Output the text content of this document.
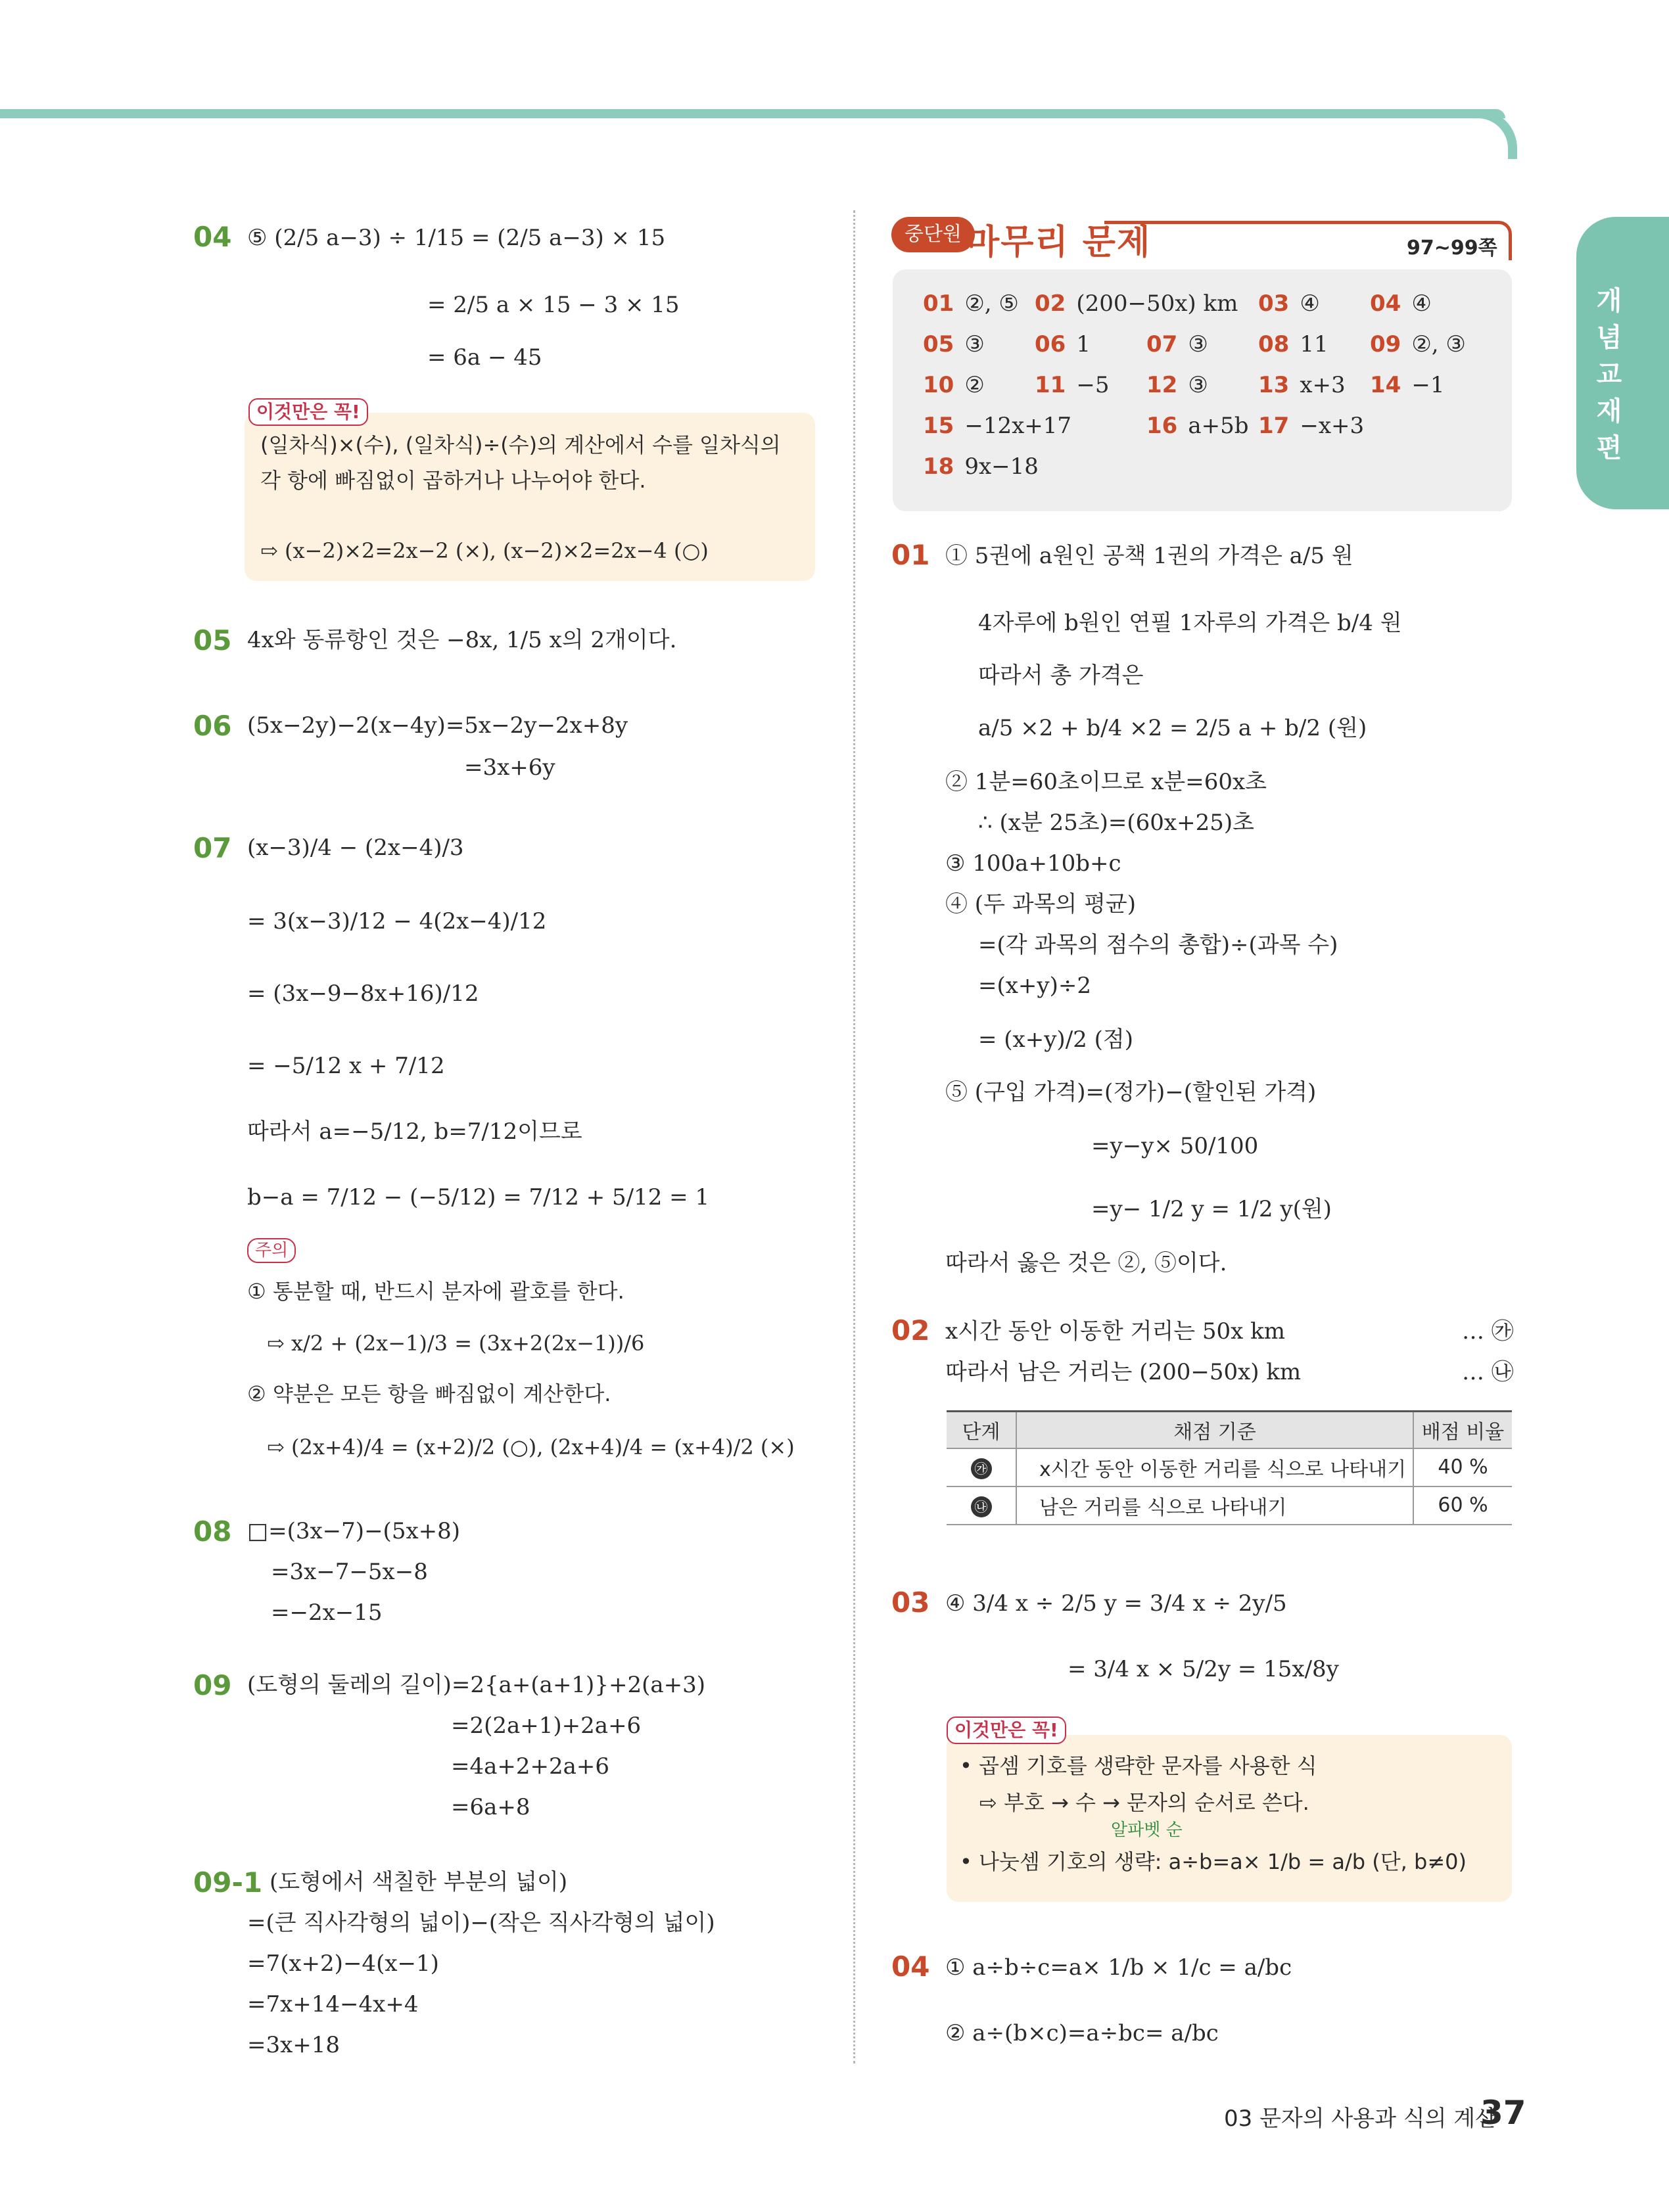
개념교재편
04 ⑤ (2/5 a−3) ÷ 1/15 = (2/5 a−3) × 15
= 2/5 a × 15 − 3 × 15
= 6a − 45
이것만은 꼭!
(일차식)×(수), (일차식)÷(수)의 계산에서 수를 일차식의
각 항에 빠짐없이 곱하거나 나누어야 한다.
⇨ (x−2)×2=2x−2 (×), (x−2)×2=2x−4 (○)
05 4x와 동류항인 것은 −8x, 1/5 x의 2개이다.
06 (5x−2y)−2(x−4y)=5x−2y−2x+8y
=3x+6y
07 (x−3)/4 − (2x−4)/3
= 3(x−3)/12 − 4(2x−4)/12
= (3x−9−8x+16)/12
= −5/12 x + 7/12
따라서 a=−5/12, b=7/12이므로
b−a = 7/12 − (−5/12) = 7/12 + 5/12 = 1
주의
① 통분할 때, 반드시 분자에 괄호를 한다.
⇨ x/2 + (2x−1)/3 = (3x+2(2x−1))/6
② 약분은 모든 항을 빠짐없이 계산한다.
⇨ (2x+4)/4 = (x+2)/2 (○), (2x+4)/4 = (x+4)/2 (×)
08 □=(3x−7)−(5x+8)
=3x−7−5x−8
=−2x−15
09 (도형의 둘레의 길이)=2{a+(a+1)}+2(a+3)
=2(2a+1)+2a+6
=4a+2+2a+6
=6a+8
09-1 (도형에서 색칠한 부분의 넓이)
=(큰 직사각형의 넓이)−(작은 직사각형의 넓이)
=7(x+2)−4(x−1)
=7x+14−4x+4
=3x+18
중단원 마무리 문제	97~99쪽
01 ②, ⑤ 02 (200−50x) km 03 ④ 04 ④
05 ③ 06 1	07 ③ 08 11 09 ②, ③
10 ② 11 −5 12 ③ 13 x+3 14 −1
15 −12x+17	16 a+5b 17 −x+3
18 9x−18
01 ① 5권에 a원인 공책 1권의 가격은 a/5 원
4자루에 b원인 연필 1자루의 가격은 b/4 원
따라서 총 가격은
a/5 ×2 + b/4 ×2 = 2/5 a + b/2 (원)
② 1분=60초이므로 x분=60x초
∴ (x분 25초)=(60x+25)초
③ 100a+10b+c
④ (두 과목의 평균)
=(각 과목의 점수의 총합)÷(과목 수)
=(x+y)÷2
= (x+y)/2 (점)
⑤ (구입 가격)=(정가)−(할인된 가격)
=y−y× 50/100
=y− 1/2 y = 1/2 y(원)
따라서 옳은 것은 ②, ⑤이다.
02 x시간 동안 이동한 거리는 50x km
따라서 남은 거리는 (200−50x) km
… ㉮
… ㉯
단계	채점 기준	배점 비율
㉮	x시간 동안 이동한 거리를 식으로 나타내기	40 %
㉯	남은 거리를 식으로 나타내기	60 %
03 ④ 3/4 x ÷ 2/5 y = 3/4 x ÷ 2y/5
= 3/4 x × 5/2y = 15x/8y
이것만은 꼭!
• 곱셈 기호를 생략한 문자를 사용한 식
⇨ 부호 → 수 → 문자의 순서로 쓴다.
알파벳 순
• 나눗셈 기호의 생략: a÷b=a× 1/b = a/b (단, b≠0)
04 ① a÷b÷c=a× 1/b × 1/c = a/bc
② a÷(b×c)=a÷bc= a/bc
03 문자의 사용과 식의 계산
37
